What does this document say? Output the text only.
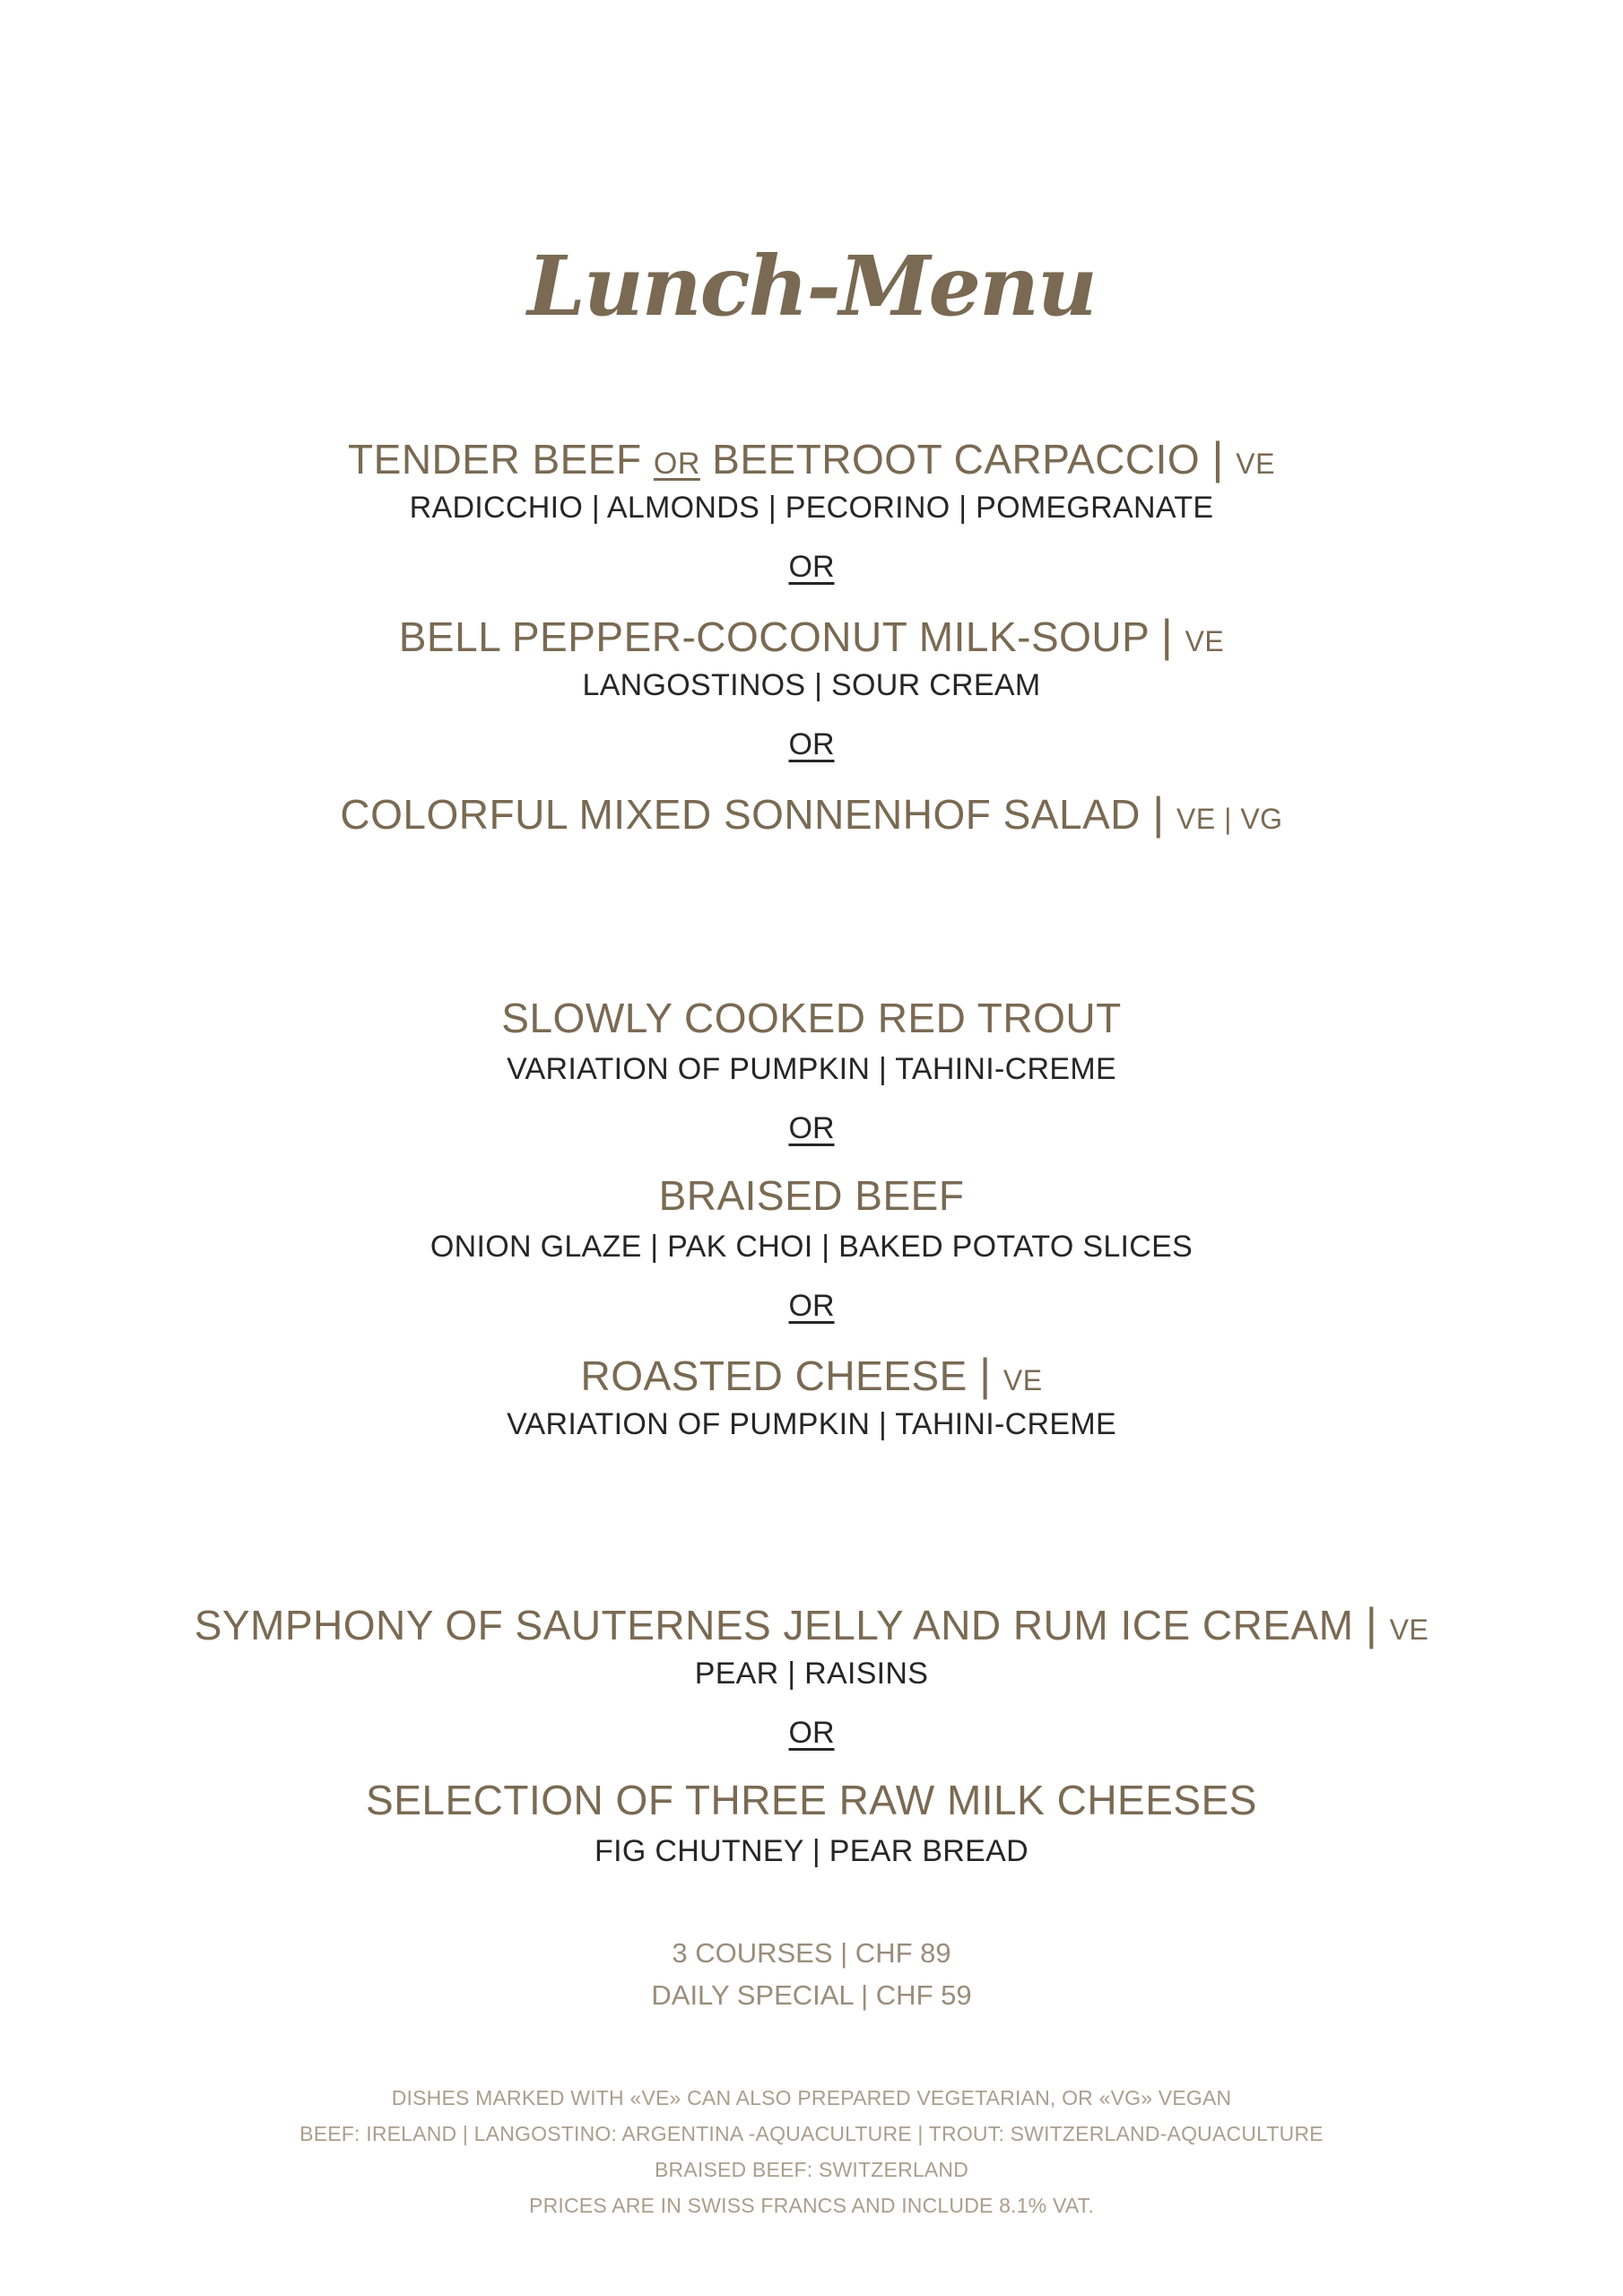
Lunch-Menu
TENDER BEEF OR BEETROOT CARPACCIO | VE
RADICCHIO | ALMONDS | PECORINO | POMEGRANATE
OR
BELL PEPPER-COCONUT MILK-SOUP | VE
LANGOSTINOS | SOUR CREAM
OR
COLORFUL MIXED SONNENHOF SALAD | VE | VG
SLOWLY COOKED RED TROUT
VARIATION OF PUMPKIN | TAHINI-CREME
OR
BRAISED BEEF
ONION GLAZE | PAK CHOI | BAKED POTATO SLICES
OR
ROASTED CHEESE | VE
VARIATION OF PUMPKIN | TAHINI-CREME
SYMPHONY OF SAUTERNES JELLY AND RUM ICE CREAM | VE
PEAR | RAISINS
OR
SELECTION OF THREE RAW MILK CHEESES
FIG CHUTNEY | PEAR BREAD
3 COURSES | CHF 89
DAILY SPECIAL | CHF 59
DISHES MARKED WITH «VE» CAN ALSO PREPARED VEGETARIAN, OR «VG» VEGAN
BEEF: IRELAND | LANGOSTINO: ARGENTINA -AQUACULTURE | TROUT: SWITZERLAND-AQUACULTURE
BRAISED BEEF: SWITZERLAND
PRICES ARE IN SWISS FRANCS AND INCLUDE 8.1% VAT.
